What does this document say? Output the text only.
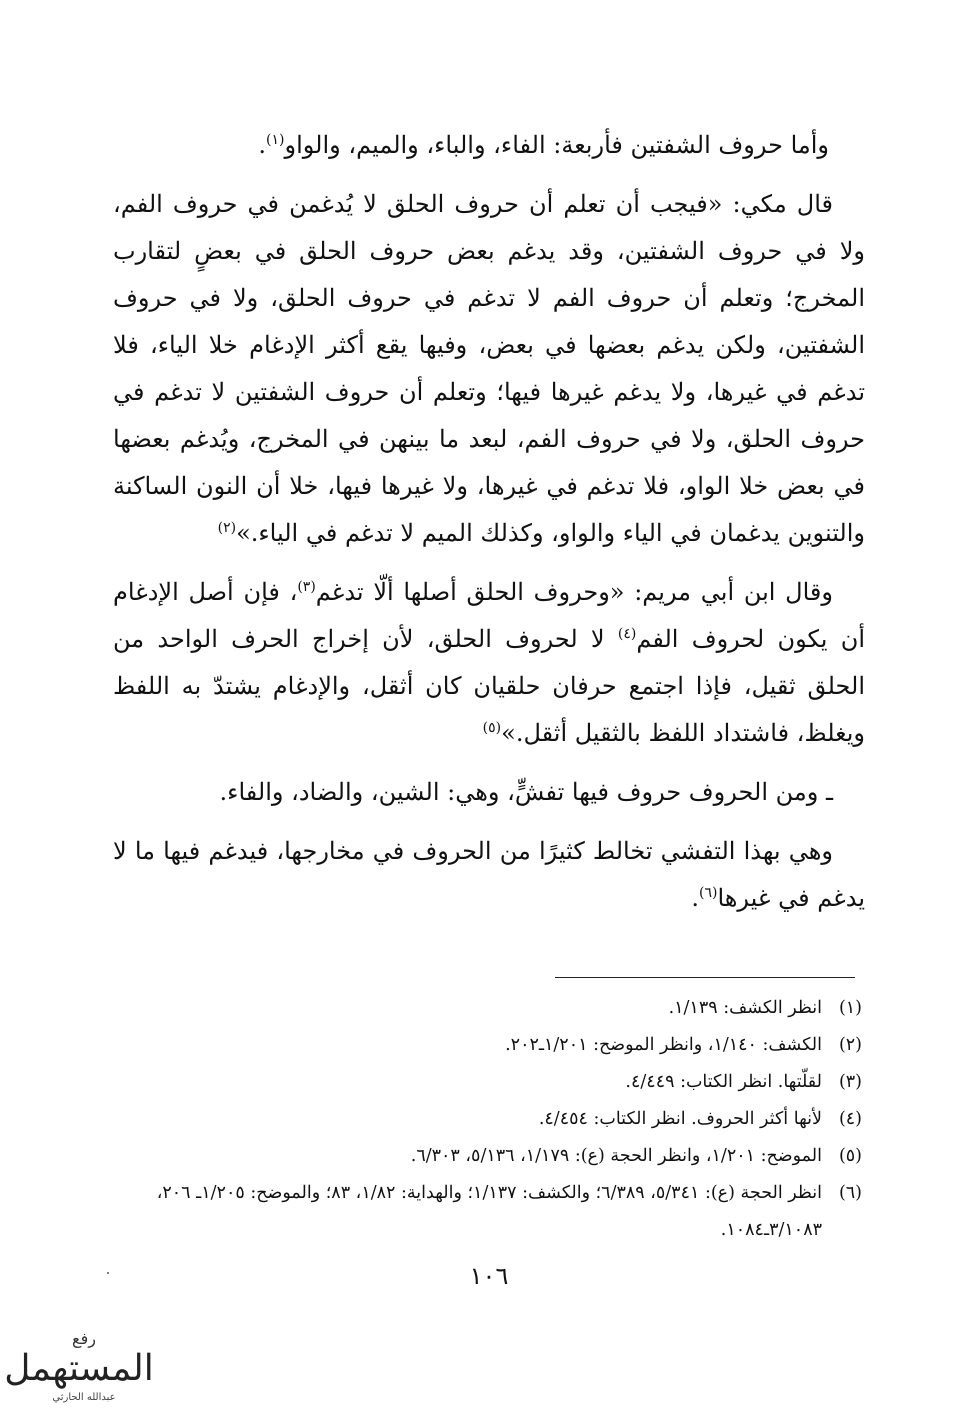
وأما حروف الشفتين فأربعة: الفاء، والباء، والميم، والواو$^{(١)}$.

قال مكي: «فيجب أن تعلم أن حروف الحلق لا يُدغمن في حروف الفم، ولا في حروف الشفتين، وقد يدغم بعض حروف الحلق في بعضٍ لتقارب المخرج؛ وتعلم أن حروف الفم لا تدغم في حروف الحلق، ولا في حروف الشفتين، ولكن يدغم بعضها في بعض، وفيها يقع أكثر الإدغام خلا الياء، فلا تدغم في غيرها، ولا يدغم غيرها فيها؛ وتعلم أن حروف الشفتين لا تدغم في حروف الحلق، ولا في حروف الفم، لبعد ما بينهن في المخرج، ويُدغم بعضها في بعض خلا الواو، فلا تدغم في غيرها، ولا غيرها فيها، خلا أن النون الساكنة والتنوين يدغمان في الياء والواو، وكذلك الميم لا تدغم في الياء.»$^{(٢)}$

وقال ابن أبي مريم: «وحروف الحلق أصلها ألّا تدغم$^{(٣)}$، فإن أصل الإدغام أن يكون لحروف الفم$^{(٤)}$ لا لحروف الحلق، لأن إخراج الحرف الواحد من الحلق ثقيل، فإذا اجتمع حرفان حلقيان كان أثقل، والإدغام يشتدّ به اللفظ ويغلظ، فاشتداد اللفظ بالثقيل أثقل.»$^{(٥)}$

ـ ومن الحروف حروف فيها تفشٍّ، وهي: الشين، والضاد، والفاء.

وهي بهذا التفشي تخالط كثيرًا من الحروف في مخارجها، فيدغم فيها ما لا يدغم في غيرها$^{(٦)}$.

(١)
انظر الكشف: ١/١٣٩.
(٢)
الكشف: ١/١٤٠، وانظر الموضح: ١/٢٠١ـ٢٠٢.
(٣)
لقلّتها. انظر الكتاب: ٤/٤٤٩.
(٤)
لأنها أكثر الحروف. انظر الكتاب: ٤/٤٥٤.
(٥)
الموضح: ١/٢٠١، وانظر الحجة (ع): ١/١٧٩، ٥/١٣٦، ٦/٣٠٣.
(٦)
انظر الحجة (ع): ٥/٣٤١، ٦/٣٨٩؛ والكشف: ١/١٣٧؛ والهداية: ١/٨٢، ٨٣؛ والموضح: ١/٢٠٥ـ ٢٠٦، ٣/١٠٨٣ـ١٠٨٤.
١٠٦
رفع
المستهمل
عبدالله الحارثي
